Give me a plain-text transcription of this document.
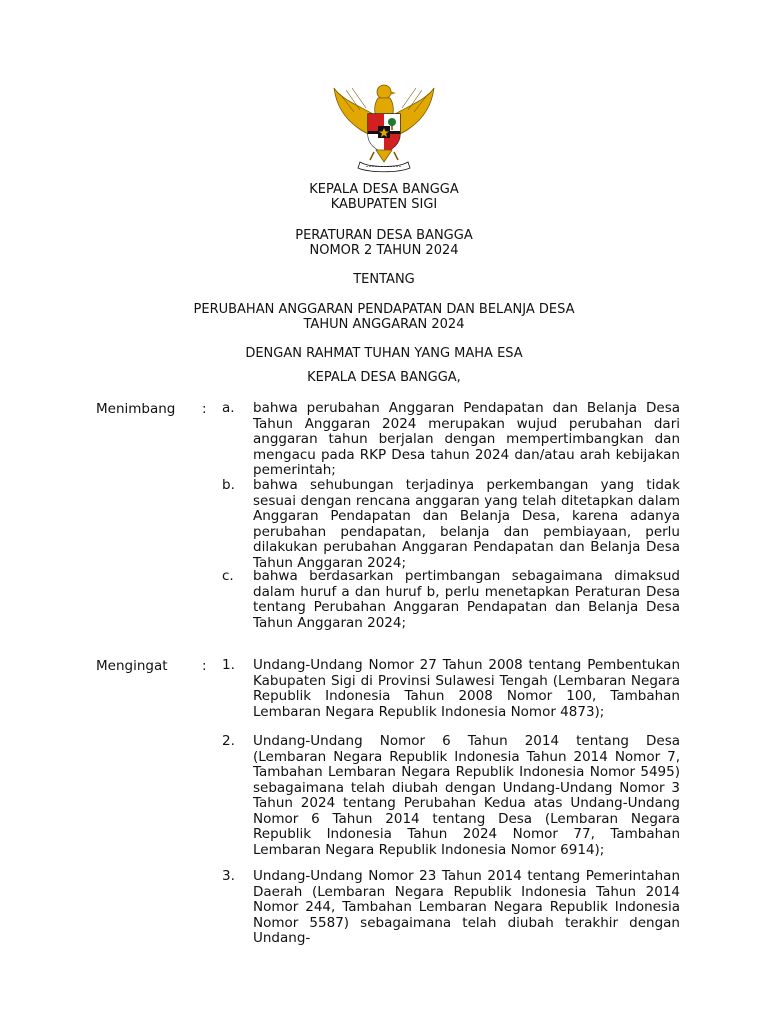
KEPALA DESA BANGGA
KABUPATEN SIGI
PERATURAN DESA BANGGA
NOMOR 2 TAHUN 2024
TENTANG
PERUBAHAN ANGGARAN PENDAPATAN DAN BELANJA DESA
TAHUN ANGGARAN 2024
DENGAN RAHMAT TUHAN YANG MAHA ESA
KEPALA DESA BANGGA,
Menimbang : a.	bahwa perubahan Anggaran Pendapatan dan Belanja Desa Tahun Anggaran 2024 merupakan wujud perubahan dari anggaran tahun berjalan dengan mempertimbangkan dan mengacu pada RKP Desa tahun 2024 dan/atau arah kebijakan pemerintah;
b.	bahwa sehubungan terjadinya perkembangan yang tidak sesuai dengan rencana anggaran yang telah ditetapkan dalam Anggaran Pendapatan dan Belanja Desa, karena adanya perubahan pendapatan, belanja dan pembiayaan, perlu dilakukan perubahan Anggaran Pendapatan dan Belanja Desa Tahun Anggaran 2024;
c.	bahwa berdasarkan pertimbangan sebagaimana dimaksud dalam huruf a dan huruf b, perlu menetapkan Peraturan Desa tentang Perubahan Anggaran Pendapatan dan Belanja Desa Tahun Anggaran 2024;
Mengingat	: 1.	Undang-Undang Nomor 27 Tahun 2008 tentang Pembentukan Kabupaten Sigi di Provinsi Sulawesi Tengah (Lembaran Negara Republik Indonesia Tahun 2008 Nomor 100, Tambahan Lembaran Negara Republik Indonesia Nomor 4873);
2.	Undang-Undang Nomor 6 Tahun 2014 tentang Desa (Lembaran Negara Republik Indonesia Tahun 2014 Nomor 7, Tambahan Lembaran Negara Republik Indonesia Nomor 5495) sebagaimana telah diubah dengan Undang-Undang Nomor 3 Tahun 2024 tentang Perubahan Kedua atas Undang-Undang Nomor 6 Tahun 2014 tentang Desa (Lembaran Negara Republik Indonesia Tahun 2024 Nomor 77, Tambahan Lembaran Negara Republik Indonesia Nomor 6914);
3.	Undang-Undang Nomor 23 Tahun 2014 tentang Pemerintahan Daerah (Lembaran Negara Republik Indonesia Tahun 2014 Nomor 244, Tambahan Lembaran Negara Republik Indonesia Nomor 5587) sebagaimana telah diubah terakhir dengan Undang-
